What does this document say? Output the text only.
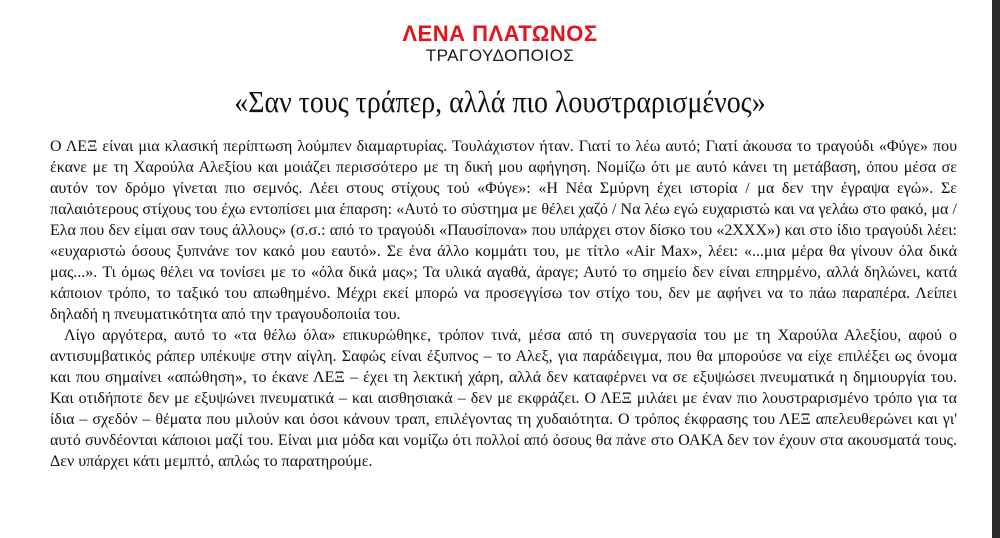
ΛΕΝΑ ΠΛΑΤΩΝΟΣ
ΤΡΑΓΟΥΔΟΠΟΙΟΣ
«Σαν τους τράπερ, αλλά πιο λουστραρισμένος»

Ο ΛΕΞ είναι μια κλασική περίπτωση λούμπεν διαμαρτυρίας. Τουλάχιστον ήταν. Γιατί το λέω αυτό; Γιατί άκουσα το τραγούδι «Φύγε» που έκανε με τη Χαρούλα Αλεξίου και μοιάζει περισσότερο με τη δική μου αφήγηση. Νομίζω ότι με αυτό κάνει τη μετάβαση, όπου μέσα σε αυτόν τον δρόμο γίνεται πιο σεμνός. Λέει στους στίχους τού «Φύγε»: «Η Νέα Σμύρνη έχει ιστορία / μα δεν την έγραψα εγώ». Σε παλαιότερους στίχους του έχω εντοπίσει μια έπαρση: «Αυτό το σύστημα με θέλει χαζό / Να λέω εγώ ευχαριστώ και να γελάω στο φακό, μα / Ελα που δεν είμαι σαν τους άλλους» (σ.σ.: από το τραγούδι «Παυσίπονα» που υπάρχει στον δίσκο του «2ΧΧΧ») και στο ίδιο τραγούδι λέει: «ευχαριστώ όσους ξυπνάνε τον κακό μου εαυτό». Σε ένα άλλο κομμάτι του, με τίτλο «Air Max», λέει: «...μια μέρα θα γίνουν όλα δικά μας...». Τι όμως θέλει να τονίσει με το «όλα δικά μας»; Τα υλικά αγαθά, άραγε; Αυτό το σημείο δεν είναι επηρμένο, αλλά δηλώνει, κατά κάποιον τρόπο, το ταξικό του απωθημένο. Μέχρι εκεί μπορώ να προσεγγίσω τον στίχο του, δεν με αφήνει να το πάω παραπέρα. Λείπει δηλαδή η πνευματικότητα από την τραγουδοποιία του.

Λίγο αργότερα, αυτό το «τα θέλω όλα» επικυρώθηκε, τρόπον τινά, μέσα από τη συνεργασία του με τη Χαρούλα Αλεξίου, αφού ο αντισυμβατικός ράπερ υπέκυψε στην αίγλη. Σαφώς είναι έξυπνος – το Αλεξ, για παράδειγμα, που θα μπορούσε να είχε επιλέξει ως όνομα και που σημαίνει «απώθηση», το έκανε ΛΕΞ – έχει τη λεκτική χάρη, αλλά δεν καταφέρνει να σε εξυψώσει πνευματικά η δημιουργία του. Και οτιδήποτε δεν με εξυψώνει πνευματικά – και αισθησιακά – δεν με εκφράζει. Ο ΛΕΞ μιλάει με έναν πιο λουστραρισμένο τρόπο για τα ίδια – σχεδόν – θέματα που μιλούν και όσοι κάνουν τραπ, επιλέγοντας τη χυδαιότητα. Ο τρόπος έκφρασης του ΛΕΞ απελευθερώνει και γι' αυτό συνδέονται κάποιοι μαζί του. Είναι μια μόδα και νομίζω ότι πολλοί από όσους θα πάνε στο ΟΑΚΑ δεν τον έχουν στα ακουσματά τους. Δεν υπάρχει κάτι μεμπτό, απλώς το παρατηρούμε.
